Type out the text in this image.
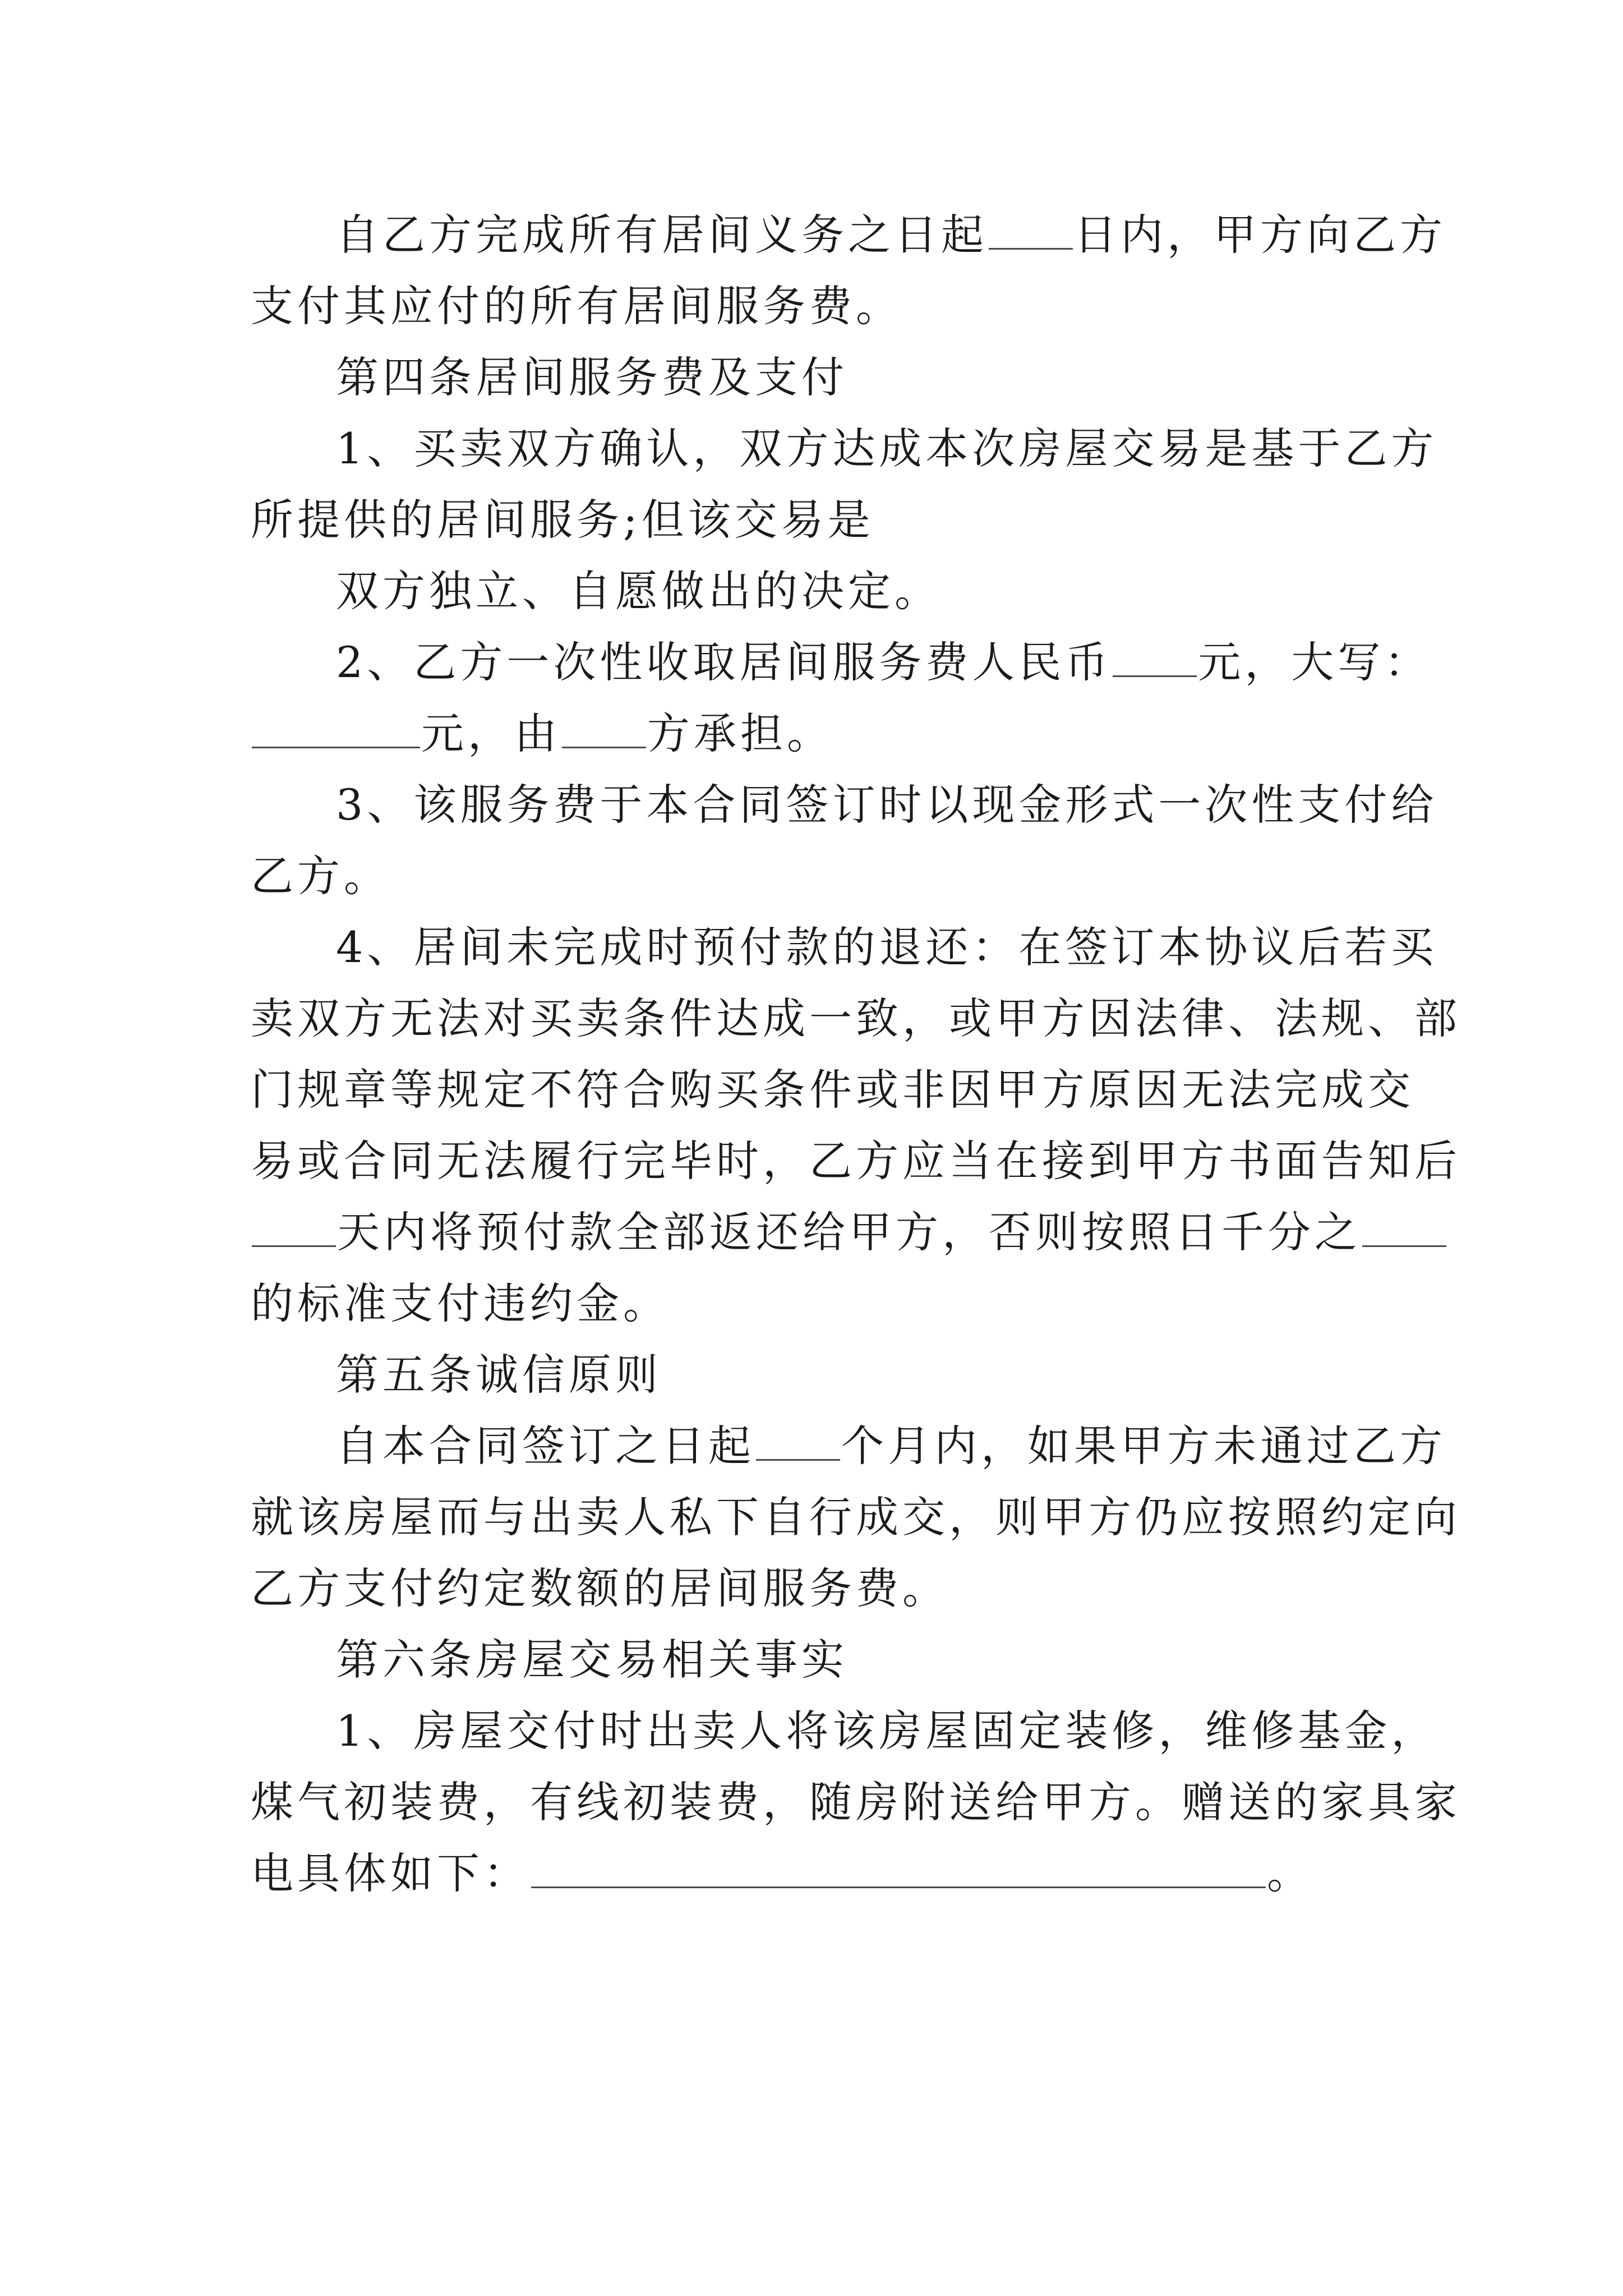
自乙方完成所有居间义务之日起 日内，甲方向乙方
支付其应付的所有居间服务费。
第四条居间服务费及支付
1、买卖双方确认，双方达成本次房屋交易是基于乙方
所提供的居间服务;但该交易是
双方独立、自愿做出的决定。
2、乙方一次性收取居间服务费人民币 元，大写：
元，由 方承担。
3、该服务费于本合同签订时以现金形式一次性支付给
乙方。
4、居间未完成时预付款的退还：在签订本协议后若买
卖双方无法对买卖条件达成一致，或甲方因法律、法规、部
门规章等规定不符合购买条件或非因甲方原因无法完成交
易或合同无法履行完毕时，乙方应当在接到甲方书面告知后
天内将预付款全部返还给甲方，否则按照日千分之
的标准支付违约金。
第五条诚信原则
自本合同签订之日起 个月内，如果甲方未通过乙方
就该房屋而与出卖人私下自行成交，则甲方仍应按照约定向
乙方支付约定数额的居间服务费。
第六条房屋交易相关事实
1、房屋交付时出卖人将该房屋固定装修，维修基金，
煤气初装费，有线初装费，随房附送给甲方。赠送的家具家
电具体如下：	。
